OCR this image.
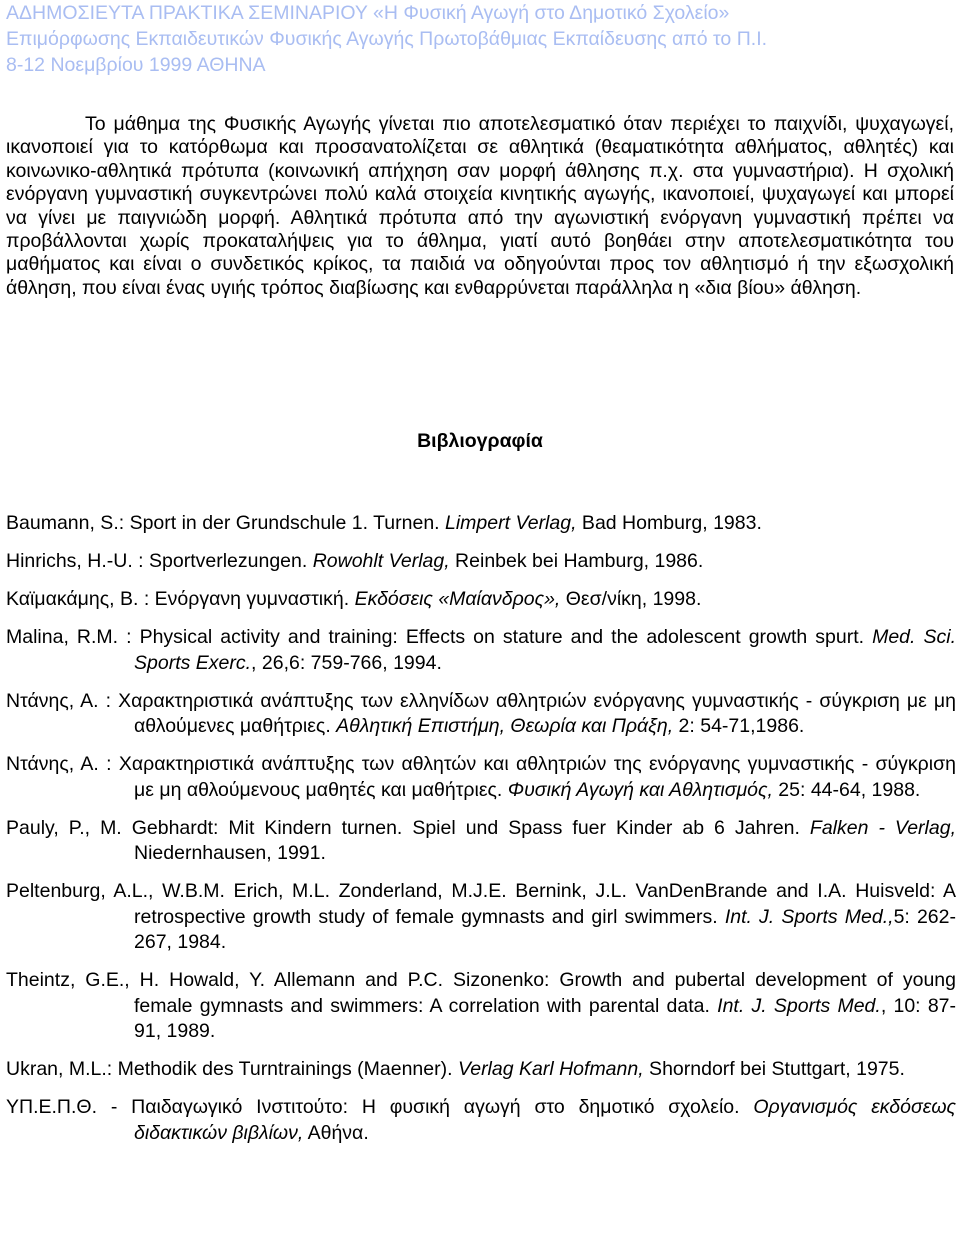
ΑΔΗΜΟΣΙΕΥΤΑ ΠΡΑΚΤΙΚΑ ΣΕΜΙΝΑΡΙΟΥ «Η Φυσική Αγωγή στο Δημοτικό Σχολείο»
Επιμόρφωσης Εκπαιδευτικών Φυσικής Αγωγής Πρωτοβάθμιας Εκπαίδευσης από το Π.Ι.
8-12 Νοεμβρίου 1999 ΑΘΗΝΑ

Το μάθημα της Φυσικής Αγωγής γίνεται πιο αποτελεσματικό όταν περιέχει το παιχνίδι, ψυχαγωγεί, ικανοποιεί για το κατόρθωμα και προσανατολίζεται σε αθλητικά (θεαματικότητα αθλήματος, αθλητές) και κοινωνικο-αθλητικά πρότυπα (κοινωνική απήχηση σαν μορφή άθλησης π.χ. στα γυμναστήρια). Η σχολική ενόργανη γυμναστική συγκεντρώνει πολύ καλά στοιχεία κινητικής αγωγής, ικανοποιεί, ψυχαγωγεί και μπορεί να γίνει με παιγνιώδη μορφή. Αθλητικά πρότυπα από την αγωνιστική ενόργανη γυμναστική πρέπει να προβάλλονται χωρίς προκαταλήψεις για το άθλημα, γιατί αυτό βοηθάει στην αποτελεσματικότητα του μαθήματος και είναι ο συνδετικός κρίκος, τα παιδιά να οδηγούνται προς τον αθλητισμό ή την εξωσχολική άθληση, που είναι ένας υγιής τρόπος διαβίωσης και ενθαρρύνεται παράλληλα η «δια βίου» άθληση.

Βιβλιογραφία
Baumann, S.: Sport in der Grundschule 1. Turnen. Limpert Verlag, Bad Homburg, 1983.
Hinrichs, H.-U. : Sportverlezungen. Rowohlt Verlag, Reinbek bei Hamburg, 1986.
Καϊμακάμης, Β. : Ενόργανη γυμναστική. Εκδόσεις «Μαίανδρος», Θεσ/νίκη, 1998.
Malina, R.M. : Physical activity and training: Effects on stature and the adolescent growth spurt. Med. Sci. Sports Exerc., 26,6: 759-766, 1994.
Ντάνης, Α. : Χαρακτηριστικά ανάπτυξης των ελληνίδων αθλητριών ενόργανης γυμναστικής - σύγκριση με μη αθλούμενες μαθήτριες. Αθλητική Επιστήμη, Θεωρία και Πράξη, 2: 54-71,1986.
Ντάνης, Α. : Χαρακτηριστικά ανάπτυξης των αθλητών και αθλητριών της ενόργανης γυμναστικής - σύγκριση με μη αθλούμενους μαθητές και μαθήτριες. Φυσική Αγωγή και Αθλητισμός, 25: 44-64, 1988.
Pauly, P., M. Gebhardt: Mit Kindern turnen. Spiel und Spass fuer Kinder ab 6 Jahren. Falken - Verlag, Niedernhausen, 1991.
Peltenburg, A.L., W.B.M. Erich, M.L. Zonderland, M.J.E. Bernink, J.L. VanDenBrande and I.A. Huisveld: A retrospective growth study of female gymnasts and girl swimmers. Int. J. Sports Med.,5: 262-267, 1984.
Theintz, G.E., H. Howald, Y. Allemann and P.C. Sizonenko: Growth and pubertal development of young female gymnasts and swimmers: A correlation with parental data. Int. J. Sports Med., 10: 87-91, 1989.
Ukran, M.L.: Methodik des Turntrainings (Maenner). Verlag Karl Hofmann, Shorndorf bei Stuttgart, 1975.
ΥΠ.Ε.Π.Θ. - Παιδαγωγικό Ινστιτούτο: Η φυσική αγωγή στο δημοτικό σχολείο. Οργανισμός εκδόσεως διδακτικών βιβλίων, Αθήνα.
